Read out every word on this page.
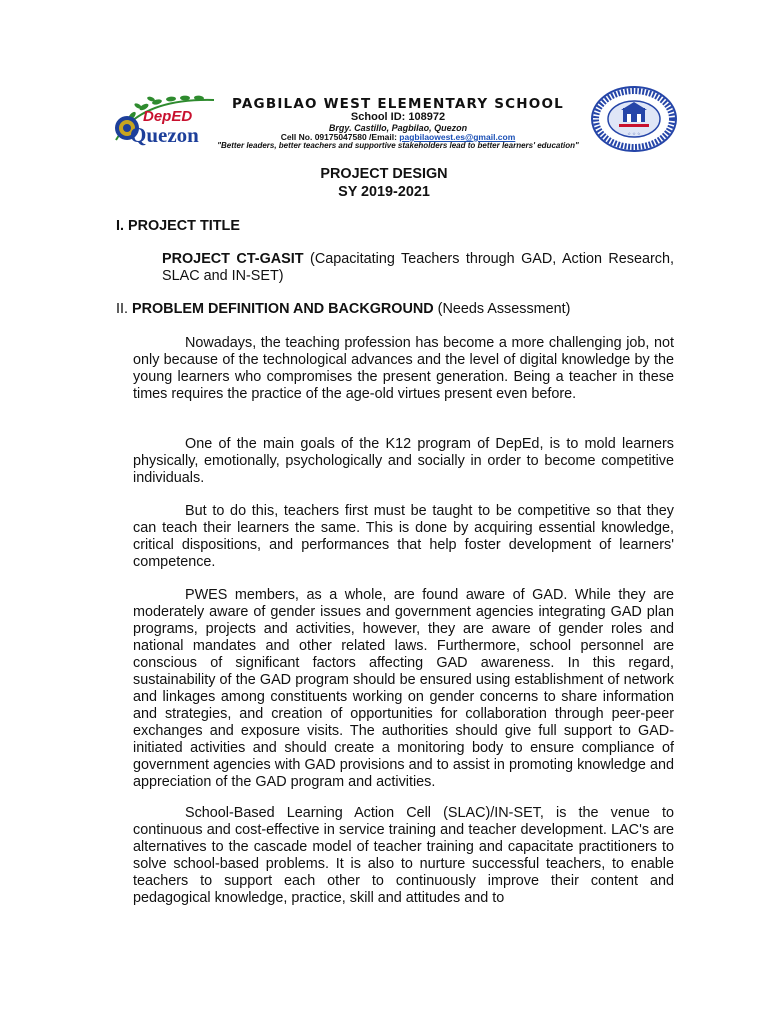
DepED
Quezon
PAGBILAO WEST ELEMENTARY SCHOOL
School ID: 108972
Brgy. Castillo, Pagbilao, Quezon
Cell No. 09175047580 /Email: pagbilaowest.es@gmail.com
"Better leaders, better teachers and supportive stakeholders lead to better learners' education"
☆ ☆ ☆
PROJECT DESIGN
SY 2019-2021
I. PROJECT TITLE
PROJECT CT-GASIT (Capacitating Teachers through GAD, Action Research, SLAC and IN-SET)
II. PROBLEM DEFINITION AND BACKGROUND (Needs Assessment)
Nowadays, the teaching profession has become a more challenging job, not only because of the technological advances and the level of digital knowledge by the young learners who compromises the present generation. Being a teacher in these times requires the practice of the age-old virtues present even before.
One of the main goals of the K12 program of DepEd, is to mold learners physically, emotionally, psychologically and socially in order to become competitive individuals.
But to do this, teachers first must be taught to be competitive so that they can teach their learners the same. This is done by acquiring essential knowledge, critical dispositions, and performances that help foster development of learners' competence.
PWES members, as a whole, are found aware of GAD. While they are moderately aware of gender issues and government agencies integrating GAD plan programs, projects and activities, however, they are aware of gender roles and national mandates and other related laws. Furthermore, school personnel are conscious of significant factors affecting GAD awareness. In this regard, sustainability of the GAD program should be ensured using establishment of network and linkages among constituents working on gender concerns to share information and strategies, and creation of opportunities for collaboration through peer-peer exchanges and exposure visits. The authorities should give full support to GAD-initiated activities and should create a monitoring body to ensure compliance of government agencies with GAD provisions and to assist in promoting knowledge and appreciation of the GAD program and activities.
School-Based Learning Action Cell (SLAC)/IN-SET, is the venue to continuous and cost-effective in service training and teacher development. LAC's are alternatives to the cascade model of teacher training and capacitate practitioners to solve school-based problems. It is also to nurture successful teachers, to enable teachers to support each other to continuously improve their content and pedagogical knowledge, practice, skill and attitudes and to
